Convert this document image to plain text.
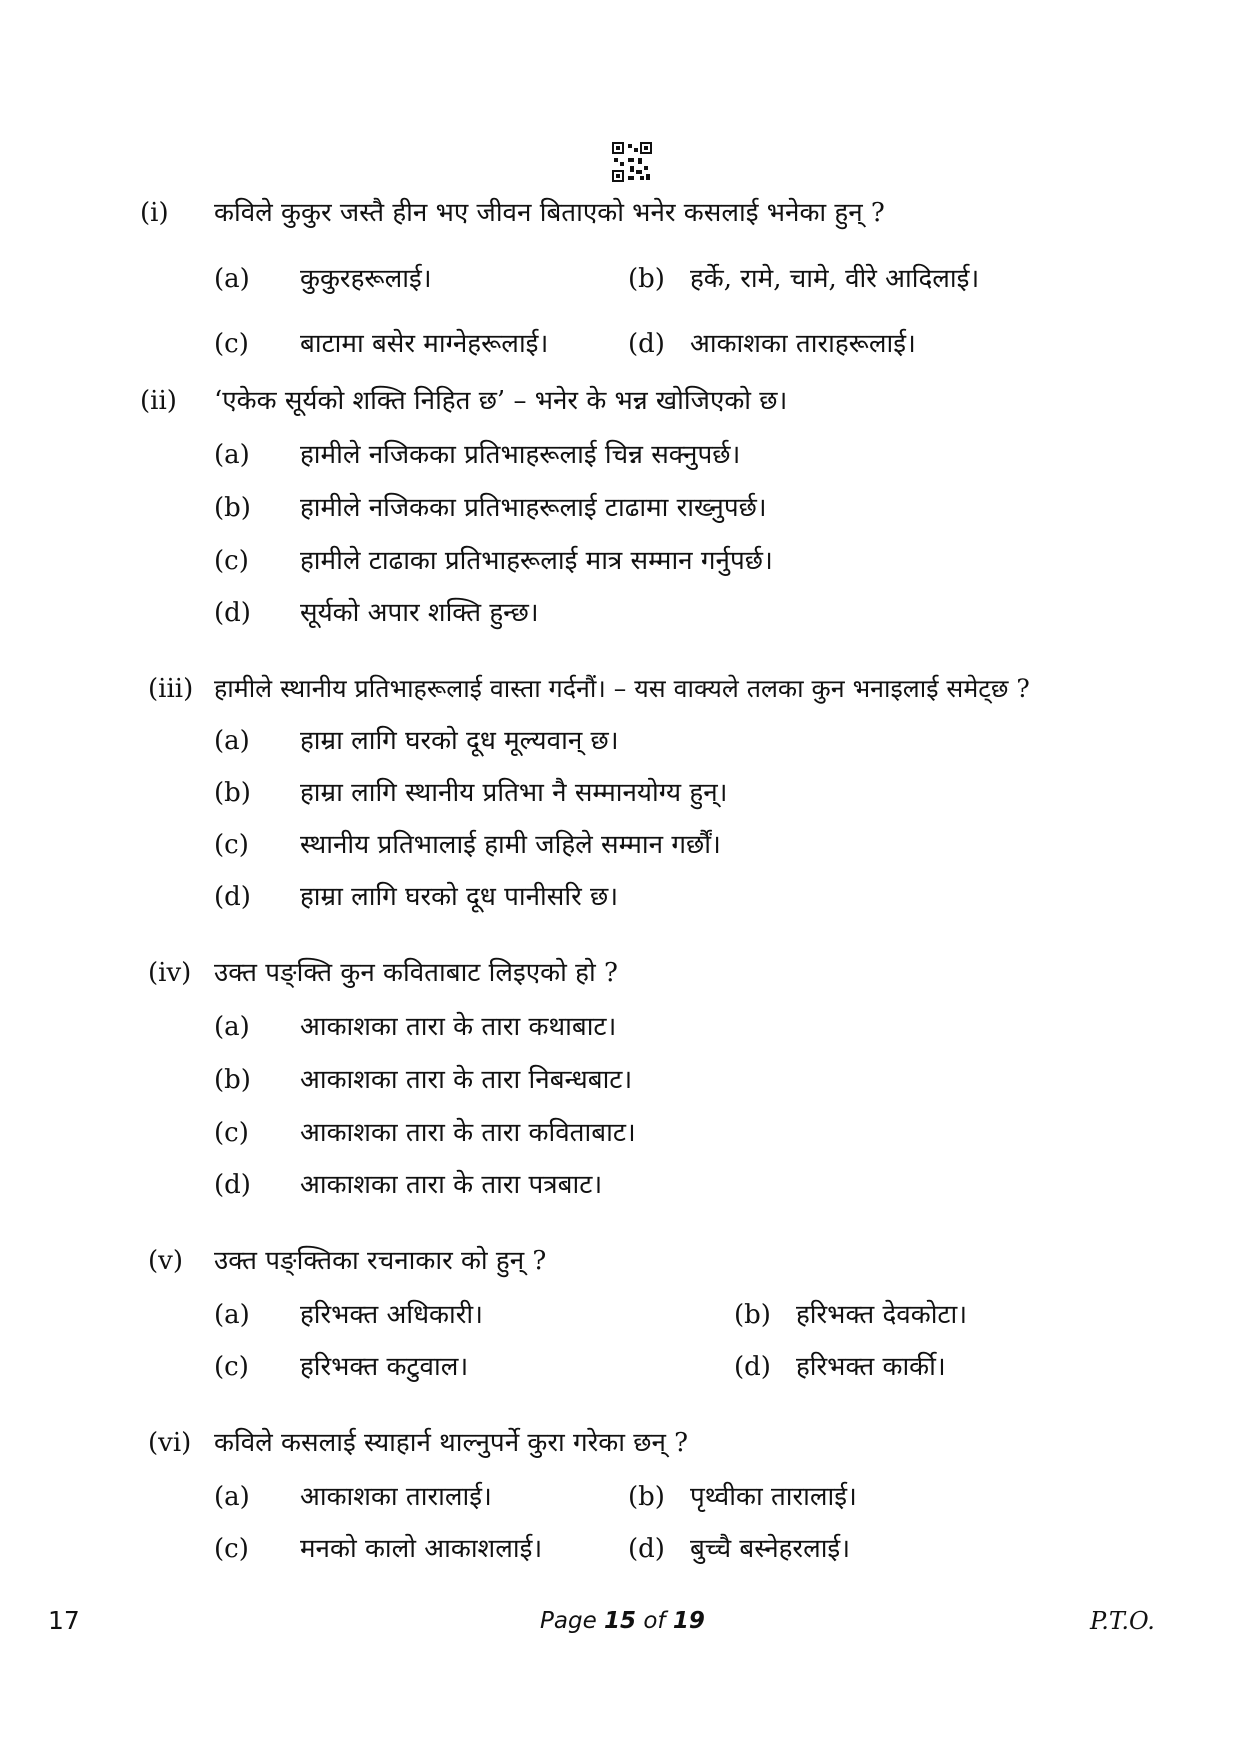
(i) कविले कुकुर जस्तै हीन भए जीवन बिताएको भनेर कसलाई भनेका हुन् ?
(a) कुकुरहरूलाई।	(b) हर्के, रामे, चामे, वीरे आदिलाई।
(c) बाटामा बसेर माग्नेहरूलाई।	(d) आकाशका ताराहरूलाई।
(ii) ‘एकेक सूर्यको शक्ति निहित छ’ – भनेर के भन्न खोजिएको छ।
(a) हामीले नजिकका प्रतिभाहरूलाई चिन्न सक्नुपर्छ।
(b) हामीले नजिकका प्रतिभाहरूलाई टाढामा राख्नुपर्छ।
(c) हामीले टाढाका प्रतिभाहरूलाई मात्र सम्मान गर्नुपर्छ।
(d) सूर्यको अपार शक्ति हुन्छ।
(iii) हामीले स्थानीय प्रतिभाहरूलाई वास्ता गर्दनौं। – यस वाक्यले तलका कुन भनाइलाई समेट्छ ?
(a) हाम्रा लागि घरको दूध मूल्यवान् छ।
(b) हाम्रा लागि स्थानीय प्रतिभा नै सम्मानयोग्य हुन्।
(c) स्थानीय प्रतिभालाई हामी जहिले सम्मान गर्छौं।
(d) हाम्रा लागि घरको दूध पानीसरि छ।
(iv) उक्त पङ्क्ति कुन कविताबाट लिइएको हो ?
(a) आकाशका तारा के तारा कथाबाट।
(b) आकाशका तारा के तारा निबन्धबाट।
(c) आकाशका तारा के तारा कविताबाट।
(d) आकाशका तारा के तारा पत्रबाट।
(v) उक्त पङ्क्तिका रचनाकार को हुन् ?
(a) हरिभक्त अधिकारी।	(b) हरिभक्त देवकोटा।
(c) हरिभक्त कटुवाल।	(d) हरिभक्त कार्की।
(vi) कविले कसलाई स्याहार्न थाल्नुपर्ने कुरा गरेका छन् ?
(a) आकाशका तारालाई।	(b) पृथ्वीका तारालाई।
(c) मनको कालो आकाशलाई।	(d) बुच्चै बस्नेहरलाई।
17	Page 15 of 19	P.T.O.
